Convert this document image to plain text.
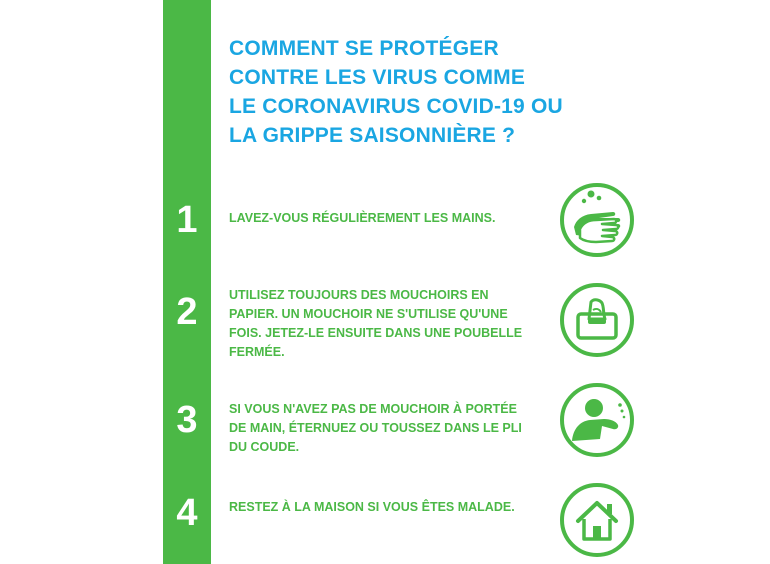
COMMENT SE PROTÉGER
CONTRE LES VIRUS COMME
LE CORONAVIRUS COVID-19 OU
LA GRIPPE SAISONNIÈRE ?
1	LAVEZ-VOUS RÉGULIÈREMENT LES MAINS.
2	UTILISEZ TOUJOURS DES MOUCHOIRS EN
PAPIER. UN MOUCHOIR NE S'UTILISE QU'UNE
FOIS. JETEZ-LE ENSUITE DANS UNE POUBELLE
FERMÉE.
3	SI VOUS N'AVEZ PAS DE MOUCHOIR À PORTÉE
DE MAIN, ÉTERNUEZ OU TOUSSEZ DANS LE PLI
DU COUDE.
4	RESTEZ À LA MAISON SI VOUS ÊTES MALADE.
